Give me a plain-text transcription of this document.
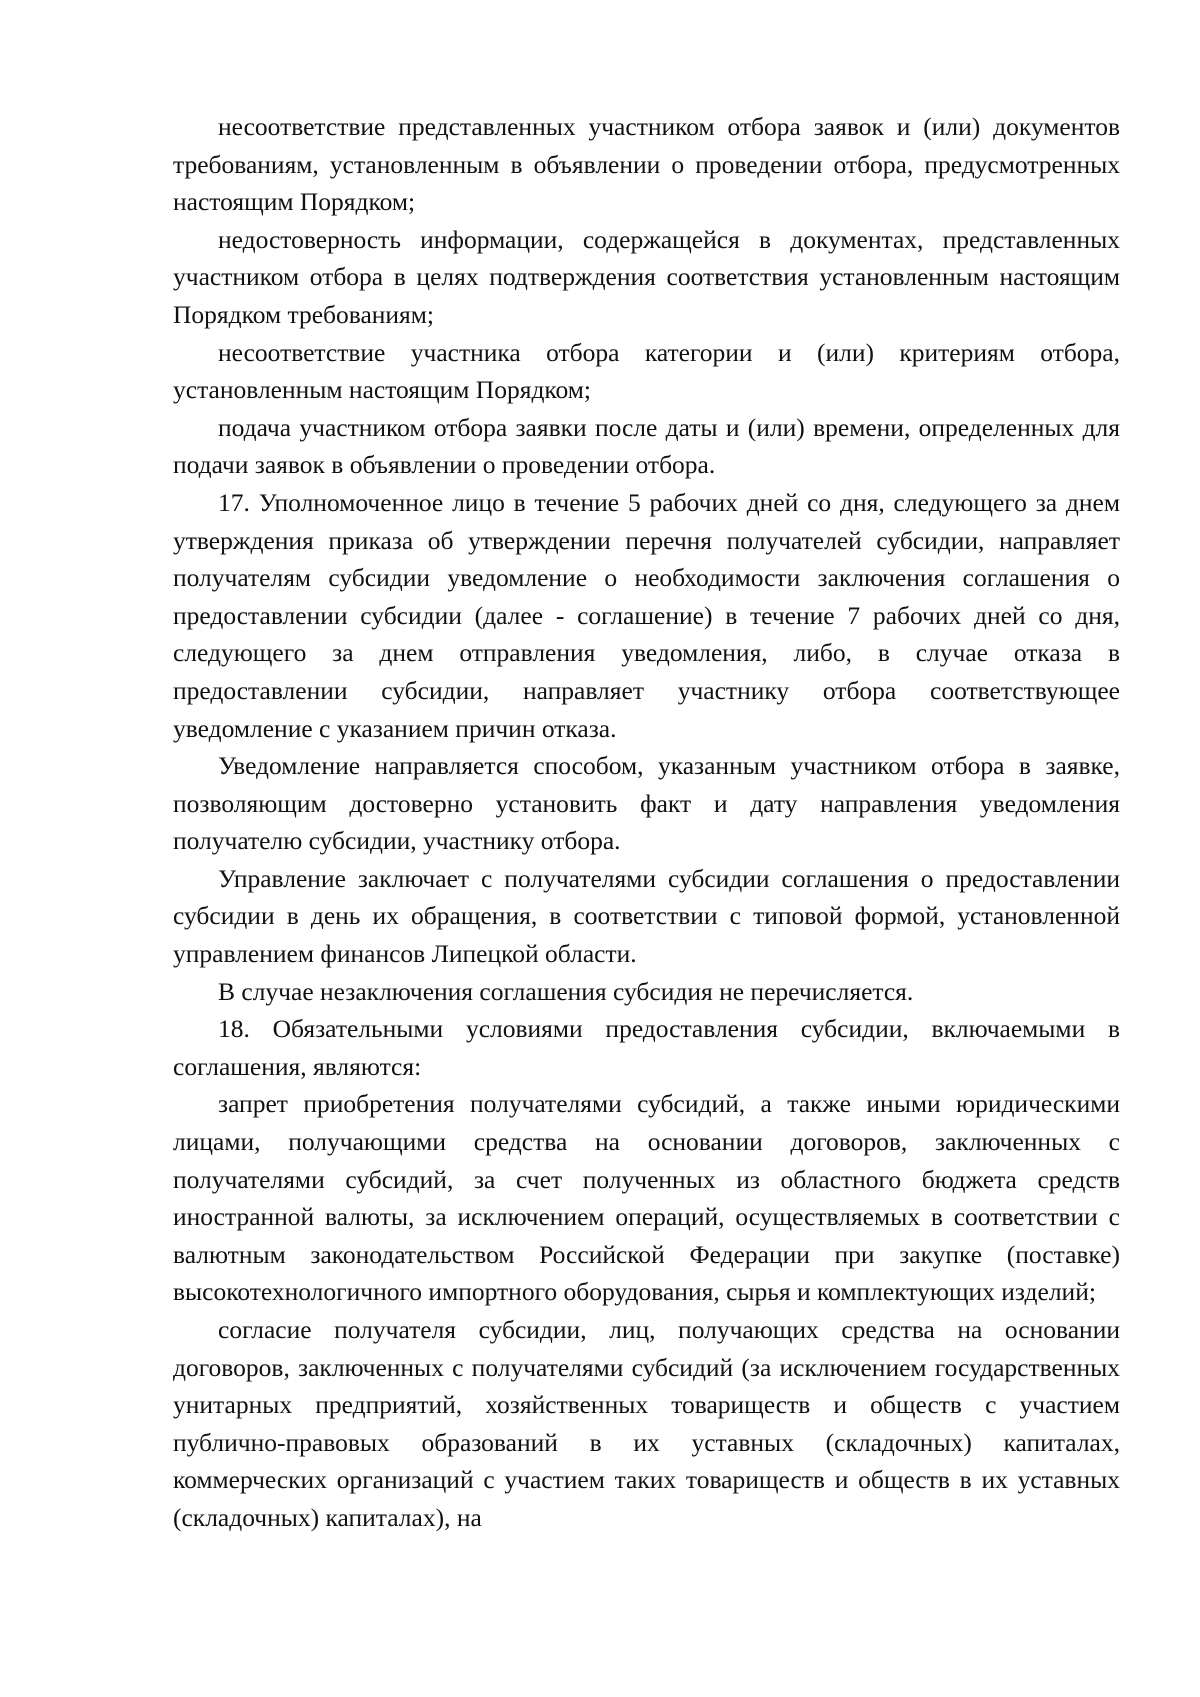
несоответствие представленных участником отбора заявок и (или) документов требованиям, установленным в объявлении о проведении отбора, предусмотренных настоящим Порядком;

недостоверность информации, содержащейся в документах, представленных участником отбора в целях подтверждения соответствия установленным настоящим Порядком требованиям;

несоответствие участника отбора категории и (или) критериям отбора, установленным настоящим Порядком;

подача участником отбора заявки после даты и (или) времени, определенных для подачи заявок в объявлении о проведении отбора.

17. Уполномоченное лицо в течение 5 рабочих дней со дня, следующего за днем утверждения приказа об утверждении перечня получателей субсидии, направляет получателям субсидии уведомление о необходимости заключения соглашения о предоставлении субсидии (далее - соглашение) в течение 7 рабочих дней со дня, следующего за днем отправления уведомления, либо, в случае отказа в предоставлении субсидии, направляет участнику отбора соответствующее уведомление с указанием причин отказа.

Уведомление направляется способом, указанным участником отбора в заявке, позволяющим достоверно установить факт и дату направления уведомления получателю субсидии, участнику отбора.

Управление заключает с получателями субсидии соглашения о предоставлении субсидии в день их обращения, в соответствии с типовой формой, установленной управлением финансов Липецкой области.

В случае незаключения соглашения субсидия не перечисляется.

18. Обязательными условиями предоставления субсидии, включаемыми в соглашения, являются:

запрет приобретения получателями субсидий, а также иными юридическими лицами, получающими средства на основании договоров, заключенных с получателями субсидий, за счет полученных из областного бюджета средств иностранной валюты, за исключением операций, осуществляемых в соответствии с валютным законодательством Российской Федерации при закупке (поставке) высокотехнологичного импортного оборудования, сырья и комплектующих изделий;

согласие получателя субсидии, лиц, получающих средства на основании договоров, заключенных с получателями субсидий (за исключением государственных унитарных предприятий, хозяйственных товариществ и обществ с участием публично-правовых образований в их уставных (складочных) капиталах, коммерческих организаций с участием таких товариществ и обществ в их уставных (складочных) капиталах), на
